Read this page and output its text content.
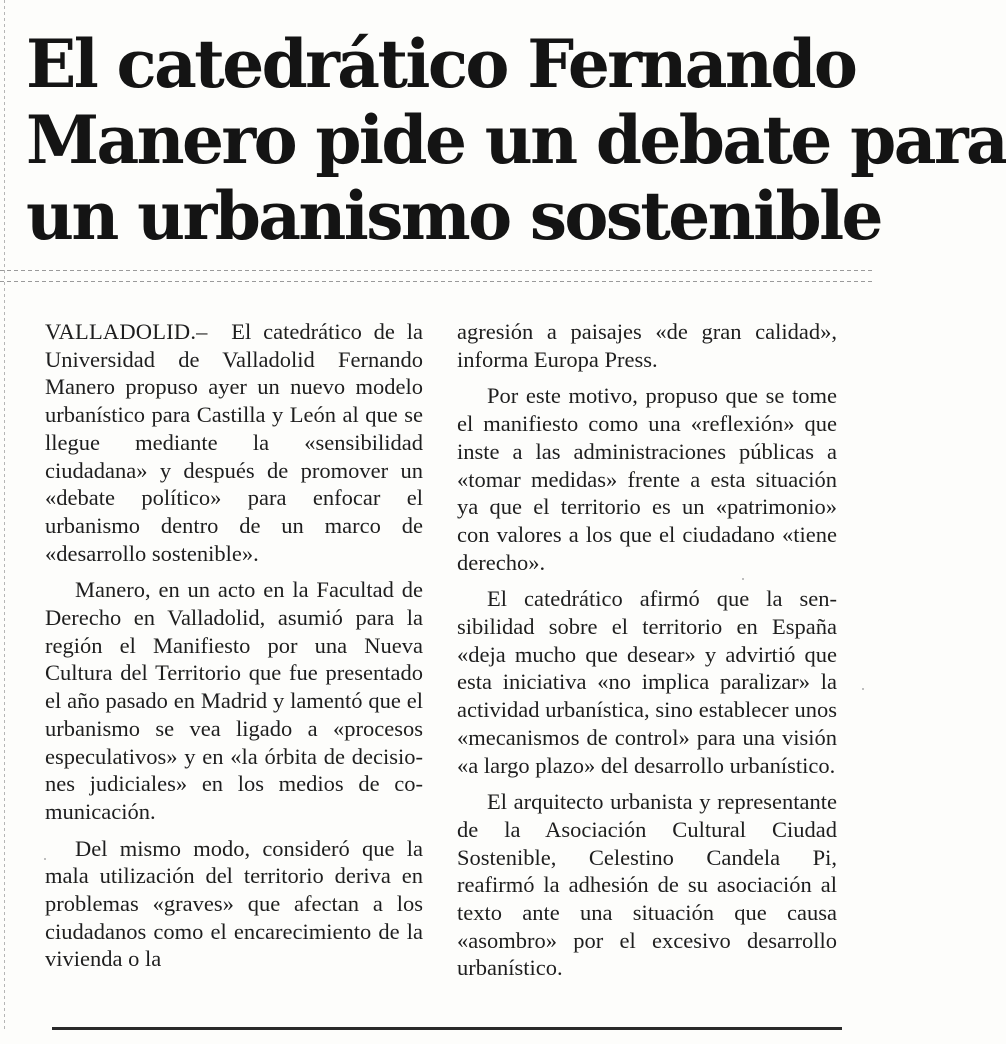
El catedrático Fernando
Manero pide un debate para
un urbanismo sostenible

VALLADOLID.– El catedrático de la Universidad de Valladolid Fernando Manero propuso ayer un nuevo modelo urbanístico para Castilla y León al que se llegue mediante la «sensibilidad ciudadana» y después de promover un «debate político» para enfocar el urbanismo dentro de un marco de «desarrollo sostenible».

Manero, en un acto en la Facultad de Derecho en Valladolid, asumió para la región el Manifiesto por una Nueva Cultura del Territorio que fue presentado el año pasado en Madrid y lamentó que el urbanismo se vea ligado a «procesos especulativos» y en «la órbita de decisiones judiciales» en los medios de comunicación.

Del mismo modo, consideró que la mala utilización del territorio deriva en problemas «graves» que afectan a los ciudadanos como el encarecimiento de la vivienda o la

agresión a paisajes «de gran calidad», informa Europa Press.

Por este motivo, propuso que se tome el manifiesto como una «reflexión» que inste a las administraciones públicas a «tomar medidas» frente a esta situación ya que el territorio es un «patrimonio» con valores a los que el ciudadano «tiene derecho».

El catedrático afirmó que la sensibilidad sobre el territorio en España «deja mucho que desear» y advirtió que esta iniciativa «no implica paralizar» la actividad urbanística, sino establecer unos «mecanismos de control» para una visión «a largo plazo» del desarrollo urbanístico.

El arquitecto urbanista y representante de la Asociación Cultural Ciudad Sostenible, Celestino Candela Pi, reafirmó la adhesión de su asociación al texto ante una situación que causa «asombro» por el excesivo desarrollo urbanístico.
